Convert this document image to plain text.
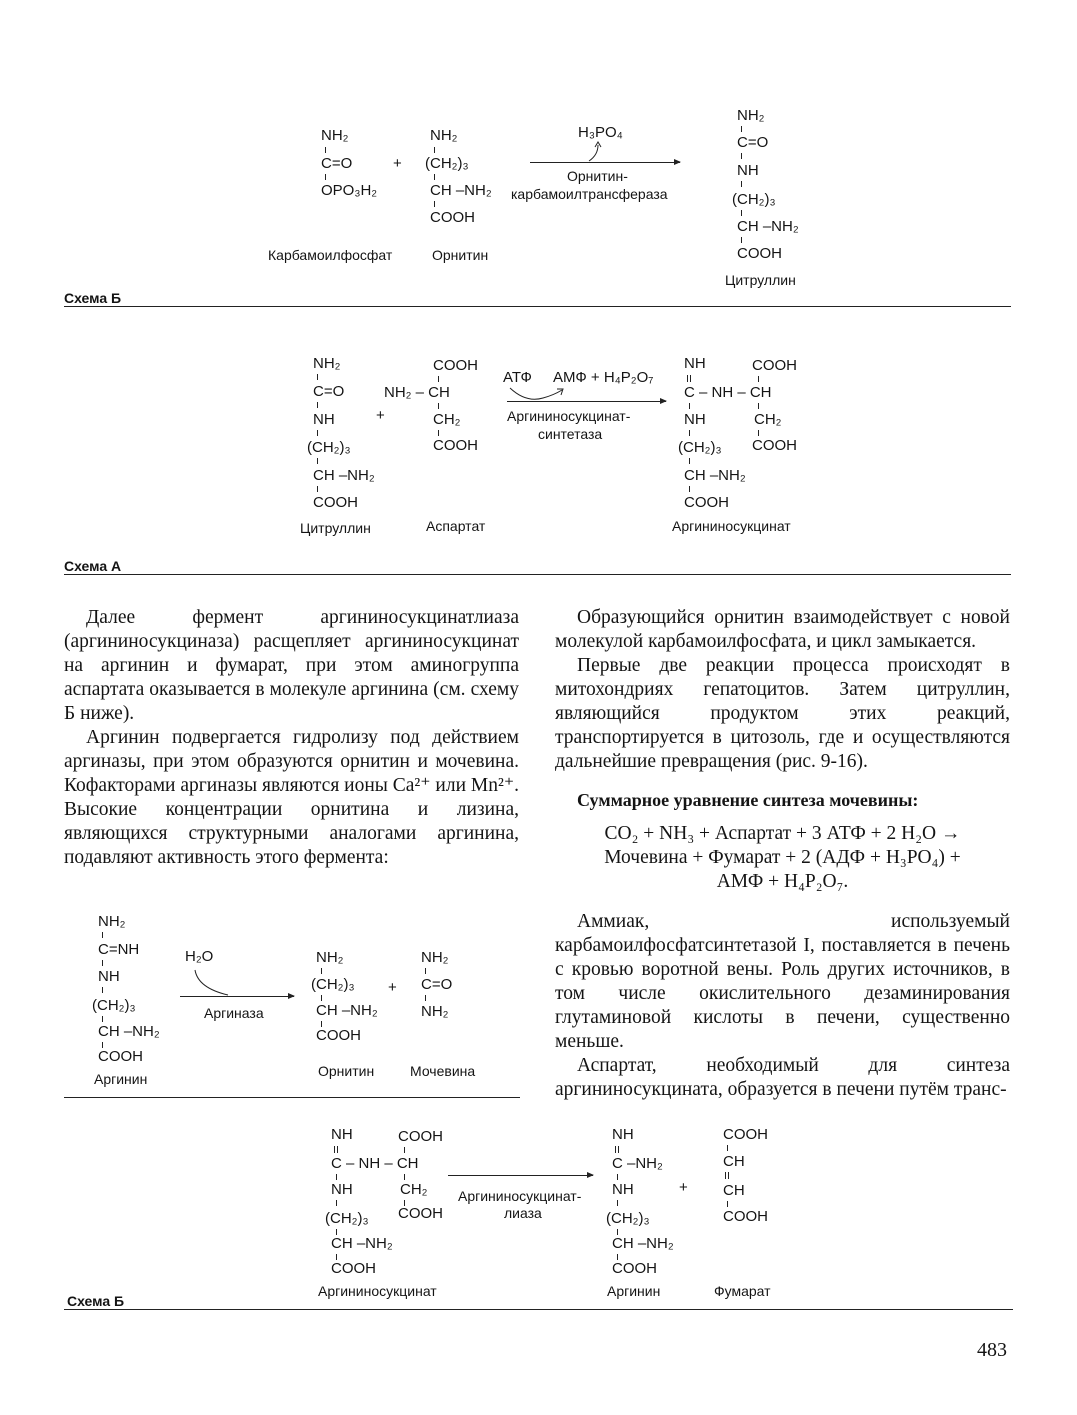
NH₂
C=O
OPO₃H₂
+
NH₂
(CH₂)₃
CH –NH₂
COOH
H₃PO₄
Орнитин-
карбамоилтрансфераза
NH₂
C=O
NH
(CH₂)₃
CH –NH₂
COOH
Карбамоилфосфат	Орнитин
Цитруллин
Схема Б
NH₂
C=O
NH
(CH₂)₃
CH –NH₂
COOH
+
COOH
NH₂ – CH
CH₂
COOH
АТФ АМФ + H₄P₂O₇
Аргининосукцинат-
синтетаза
NH
C – NH – CH
NH
(CH₂)₃
CH –NH₂
COOH
COOH
CH₂
COOH
Цитруллин	Аспартат	Аргининосукцинат
Схема А

Далее фермент аргининосукцинатлиаза (аргининосукциназа) расщепляет аргининосукцинат на аргинин и фумарат, при этом аминогруппа аспартата оказывается в молекуле аргинина (см. схему Б ниже).

Аргинин подвергается гидролизу под действием аргиназы, при этом образуются орнитин и мочевина. Кофакторами аргиназы являются ионы Ca²⁺ или Mn²⁺. Высокие концентрации орнитина и лизина, являющихся структурными аналогами аргинина, подавляют активность этого фермента:

NH₂
C=NH
NH
(CH₂)₃
CH –NH₂
COOH
H₂O
Аргиназа
NH₂
(CH₂)₃
CH –NH₂
COOH
+
NH₂
C=O
NH₂
Аргинин	Орнитин	Мочевина

Образующийся орнитин взаимодействует с новой молекулой карбамоилфосфата, и цикл замыкается.

Первые две реакции процесса происходят в митохондриях гепатоцитов. Затем цитруллин, являющийся продуктом этих реакций, транспортируется в цитозоль, где и осуществляются дальнейшие превращения (рис. 9-16).

Суммарное уравнение синтеза мочевины:

CO₂ + NH₃ + Аспартат + 3 АТФ + 2 H₂O →

Мочевина + Фумарат + 2 (АДФ + H₃PO₄) +

АМФ + H₄P₂O₇.

Аммиак, используемый карбамоилфосфатсинтетазой I, поставляется в печень с кровью воротной вены. Роль других источников, в том числе окислительного дезаминирования глутаминовой кислоты в печени, существенно меньше.

Аспартат, необходимый для синтеза аргининосукцината, образуется в печени путём транс-

NH
C – NH – CH
NH
(CH₂)₃
CH –NH₂
COOH
COOH
CH₂
COOH
Аргининосукцинат-
лиаза
NH
C –NH₂
NH
(CH₂)₃
CH –NH₂
COOH
+
COOH
CH
CH
COOH
Аргининосукцинат	Аргинин	Фумарат
Схема Б
483
